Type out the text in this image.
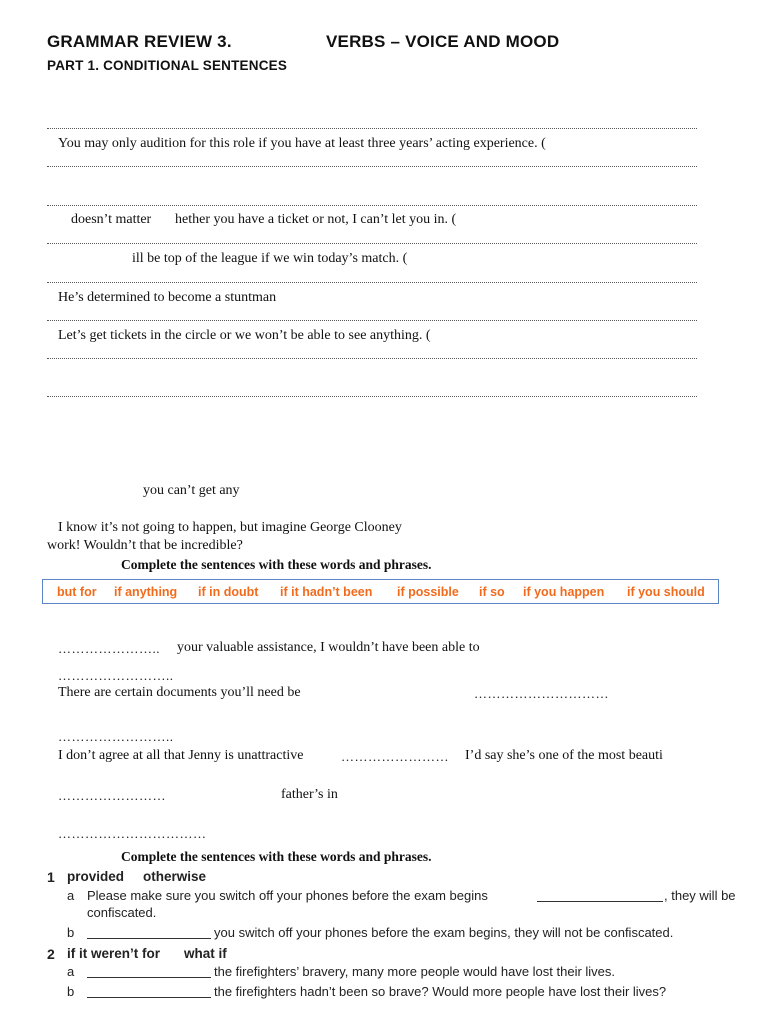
GRAMMAR REVIEW 3.	VERBS – VOICE AND MOOD
PART 1. CONDITIONAL SENTENCES
You may only audition for this role if you have at least three years’ acting experience. (
doesn’t matter hether you have a ticket or not, I can’t let you in. (
ill be top of the league if we win today’s match. (
He’s determined to become a stuntman
Let’s get tickets in the circle or we won’t be able to see anything. (
you can’t get any
I know it’s not going to happen, but imagine George Clooney
work! Wouldn’t that be incredible?
Complete the sentences with these words and phrases.
but for if anything if in doubt if it hadn’t been if possible if so if you happen if you should
………………….. your valuable assistance, I wouldn’t have been able to
……………………..
There are certain documents you’ll need be	…………………………
……………………..
I don’t agree at all that Jenny is unattractive	…………………… I’d say she’s one of the most beauti
……………………	father’s in
……………………………
Complete the sentences with these words and phrases.
1 provided otherwise
a Please make sure you switch off your phones before the exam begins	, they will be
confiscated.
b	you switch off your phones before the exam begins, they will not be confiscated.
2 if it weren’t for what if
a	the firefighters’ bravery, many more people would have lost their lives.
b	the firefighters hadn’t been so brave? Would more people have lost their lives?
